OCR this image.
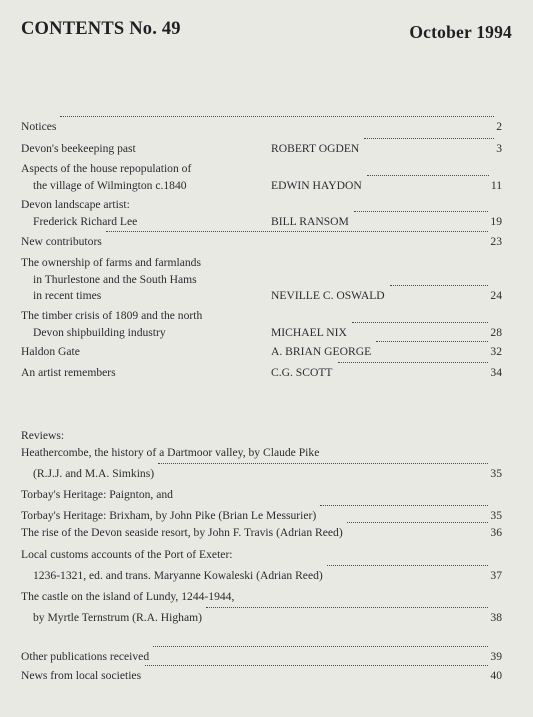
CONTENTS No. 49	October 1994
Notices	2
Devon's beekeeping past	ROBERT OGDEN	3
Aspects of the house repopulation of
the village of Wilmington c.1840	EDWIN HAYDON	11
Devon landscape artist:
Frederick Richard Lee	BILL RANSOM	19
New contributors	23
The ownership of farms and farmlands
in Thurlestone and the South Hams
in recent times	NEVILLE C. OSWALD	24
The timber crisis of 1809 and the north
Devon shipbuilding industry	MICHAEL NIX	28
Haldon Gate	A. BRIAN GEORGE	32
An artist remembers	C.G. SCOTT	34
Reviews:
Heathercombe, the history of a Dartmoor valley, by Claude Pike
(R.J.J. and M.A. Simkins)	35
Torbay's Heritage: Paignton, and
Torbay's Heritage: Brixham, by John Pike (Brian Le Messurier)	35
The rise of the Devon seaside resort, by John F. Travis (Adrian Reed)	36
Local customs accounts of the Port of Exeter:
1236-1321, ed. and trans. Maryanne Kowaleski (Adrian Reed)	37
The castle on the island of Lundy, 1244-1944,
by Myrtle Ternstrum (R.A. Higham)	38
Other publications received	39
News from local societies	40
